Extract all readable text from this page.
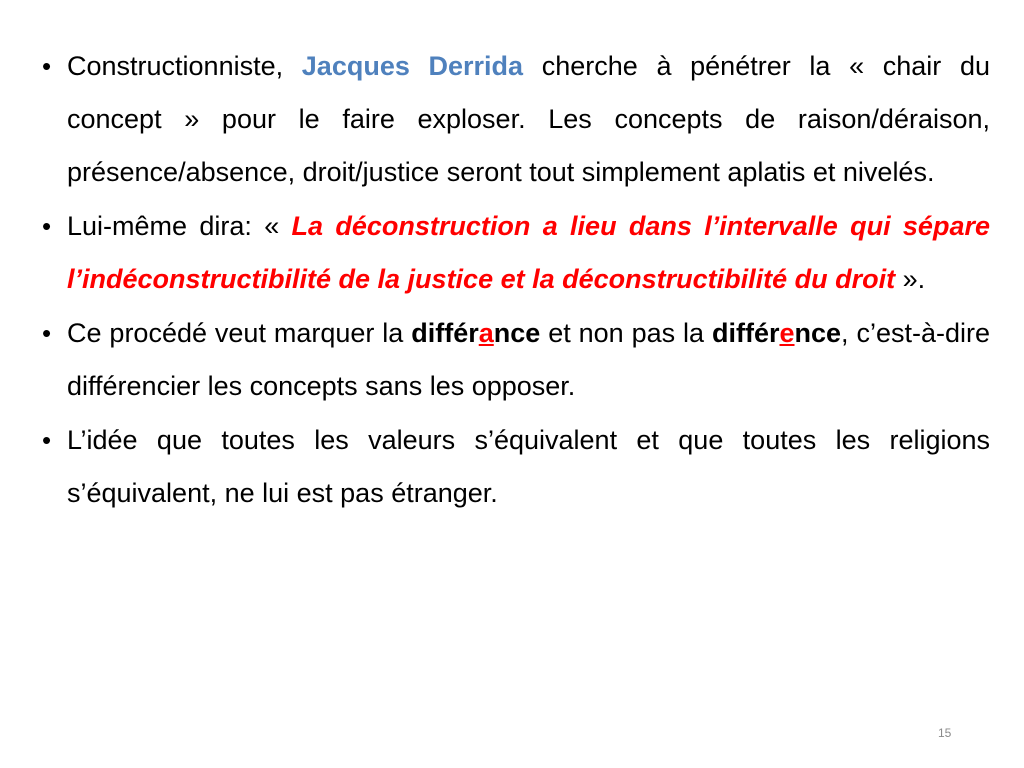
• Constructionniste, Jacques Derrida cherche à pénétrer la « chair du concept » pour le faire exploser. Les concepts de raison/déraison, présence/absence, droit/justice seront tout simplement aplatis et nivelés.
• Lui-même dira: « La déconstruction a lieu dans l’intervalle qui sépare l’indéconstructibilité de la justice et la déconstructibilité du droit ».
• Ce procédé veut marquer la différance et non pas la différence, c’est-à-dire différencier les concepts sans les opposer.
• L’idée que toutes les valeurs s’équivalent et que toutes les religions s’équivalent, ne lui est pas étranger.
15
